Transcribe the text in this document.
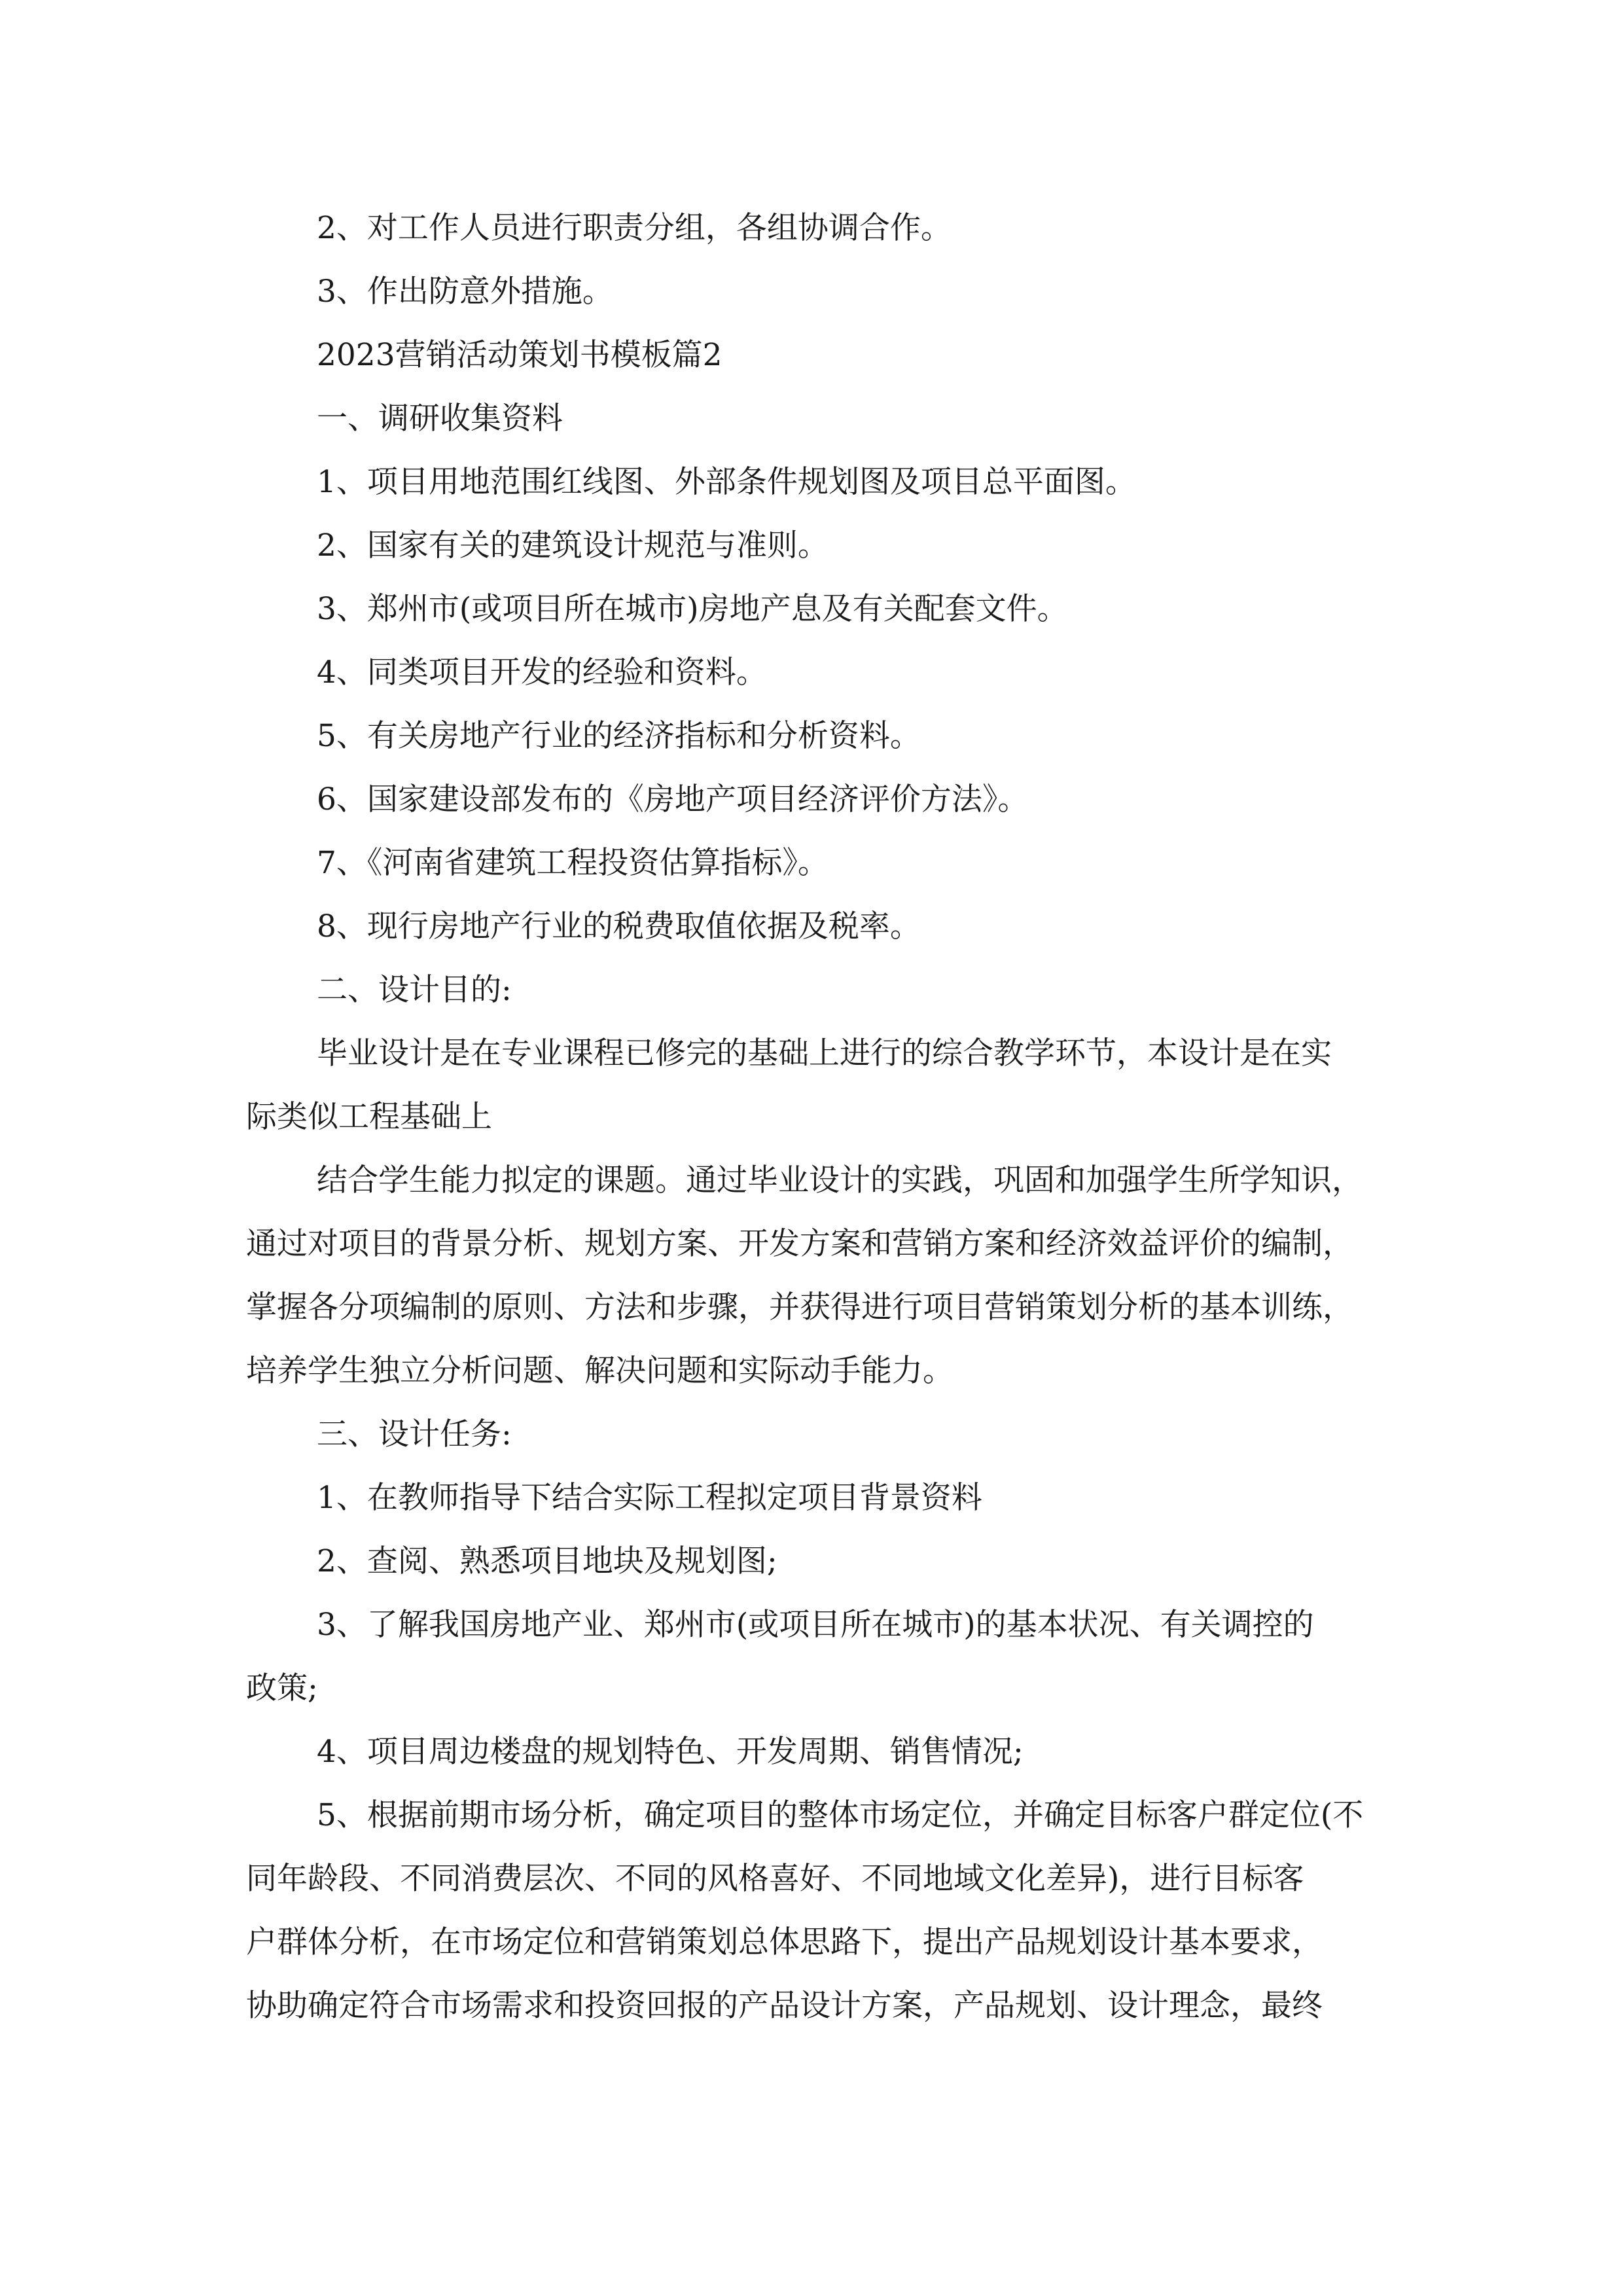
2、对工作人员进行职责分组，各组协调合作。

3、作出防意外措施。

2023营销活动策划书模板篇2

一、调研收集资料

1、项目用地范围红线图、外部条件规划图及项目总平面图。

2、国家有关的建筑设计规范与准则。

3、郑州市(或项目所在城市)房地产息及有关配套文件。

4、同类项目开发的经验和资料。

5、有关房地产行业的经济指标和分析资料。

6、国家建设部发布的《房地产项目经济评价方法》。

7、《河南省建筑工程投资估算指标》。

8、现行房地产行业的税费取值依据及税率。

二、设计目的:

毕业设计是在专业课程已修完的基础上进行的综合教学环节，本设计是在实
际类似工程基础上

结合学生能力拟定的课题。通过毕业设计的实践，巩固和加强学生所学知识，
通过对项目的背景分析、规划方案、开发方案和营销方案和经济效益评价的编制，
掌握各分项编制的原则、方法和步骤，并获得进行项目营销策划分析的基本训练，
培养学生独立分析问题、解决问题和实际动手能力。

三、设计任务:

1、在教师指导下结合实际工程拟定项目背景资料

2、查阅、熟悉项目地块及规划图;

3、了解我国房地产业、郑州市(或项目所在城市)的基本状况、有关调控的
政策;

4、项目周边楼盘的规划特色、开发周期、销售情况;

5、根据前期市场分析，确定项目的整体市场定位，并确定目标客户群定位(不
同年龄段、不同消费层次、不同的风格喜好、不同地域文化差异)，进行目标客
户群体分析，在市场定位和营销策划总体思路下，提出产品规划设计基本要求，
协助确定符合市场需求和投资回报的产品设计方案，产品规划、设计理念，最终
